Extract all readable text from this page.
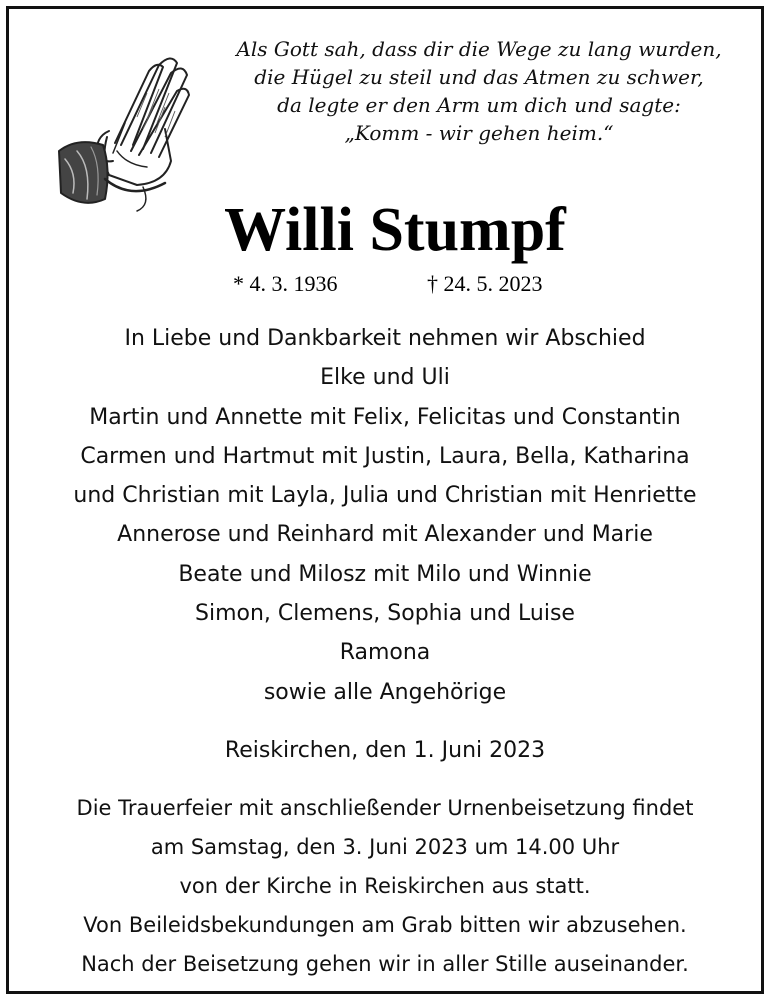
Als Gott sah, dass dir die Wege zu lang wurden,
die Hügel zu steil und das Atmen zu schwer,
da legte er den Arm um dich und sagte:
„Komm - wir gehen heim.“
Willi Stumpf
* 4. 3. 1936	† 24. 5. 2023
In Liebe und Dankbarkeit nehmen wir Abschied
Elke und Uli
Martin und Annette mit Felix, Felicitas und Constantin
Carmen und Hartmut mit Justin, Laura, Bella, Katharina
und Christian mit Layla, Julia und Christian mit Henriette
Annerose und Reinhard mit Alexander und Marie
Beate und Milosz mit Milo und Winnie
Simon, Clemens, Sophia und Luise
Ramona
sowie alle Angehörige
Reiskirchen, den 1. Juni 2023
Die Trauerfeier mit anschließender Urnenbeisetzung findet
am Samstag, den 3. Juni 2023 um 14.00 Uhr
von der Kirche in Reiskirchen aus statt.
Von Beileidsbekundungen am Grab bitten wir abzusehen.
Nach der Beisetzung gehen wir in aller Stille auseinander.
